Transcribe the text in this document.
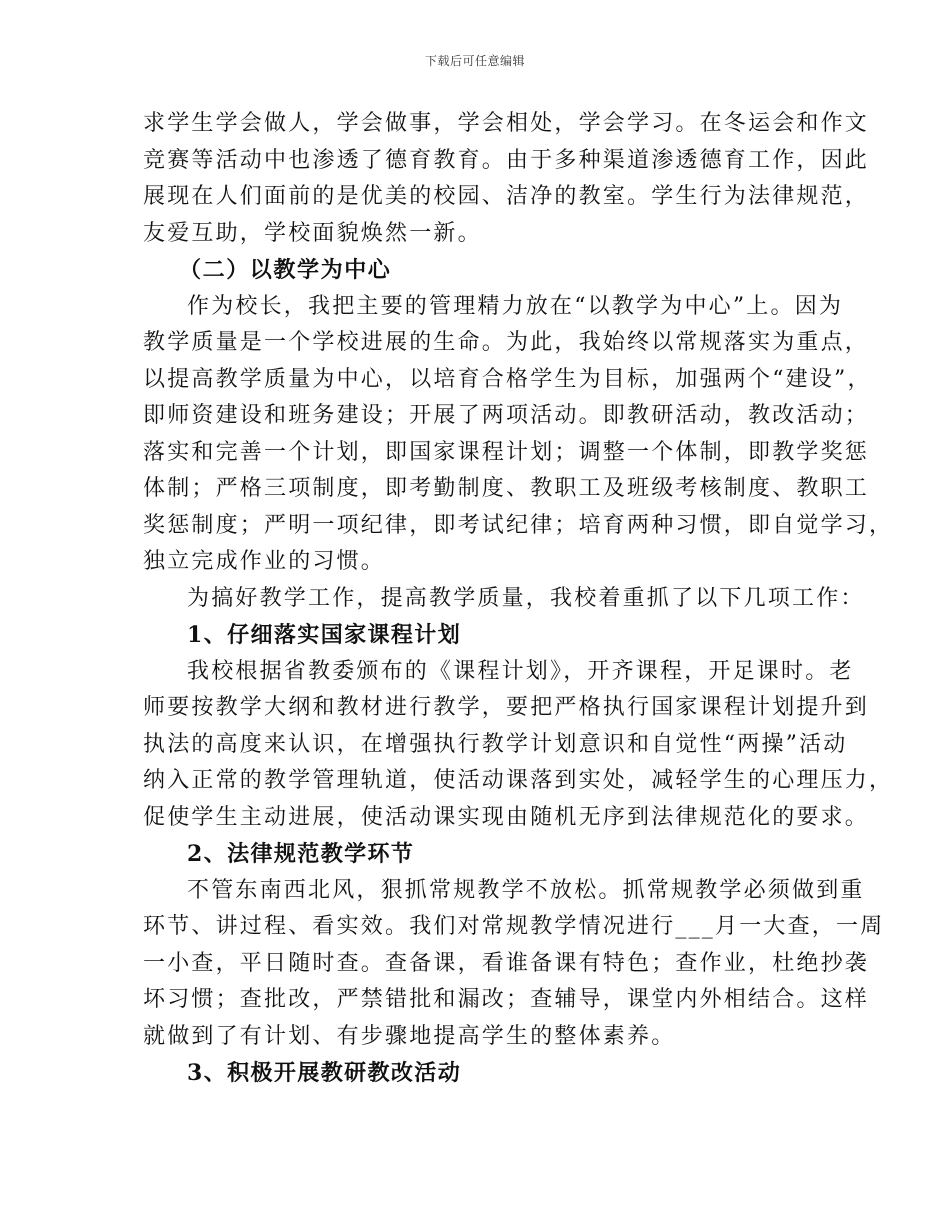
下载后可任意编辑
求学生学会做人，学会做事，学会相处，学会学习。在冬运会和作文
竞赛等活动中也渗透了德育教育。由于多种渠道渗透德育工作，因此
展现在人们面前的是优美的校园、洁净的教室。学生行为法律规范，
友爱互助，学校面貌焕然一新。
（二）以教学为中心
作为校长，我把主要的管理精力放在“以教学为中心”上。因为
教学质量是一个学校进展的生命。为此，我始终以常规落实为重点，
以提高教学质量为中心，以培育合格学生为目标，加强两个“建设”，
即师资建设和班务建设；开展了两项活动。即教研活动，教改活动；
落实和完善一个计划，即国家课程计划；调整一个体制，即教学奖惩
体制；严格三项制度，即考勤制度、教职工及班级考核制度、教职工
奖惩制度；严明一项纪律，即考试纪律；培育两种习惯，即自觉学习，
独立完成作业的习惯。
为搞好教学工作，提高教学质量，我校着重抓了以下几项工作：
1、仔细落实国家课程计划
我校根据省教委颁布的《课程计划》，开齐课程，开足课时。老
师要按教学大纲和教材进行教学，要把严格执行国家课程计划提升到
执法的高度来认识，在增强执行教学计划意识和自觉性“两操”活动
纳入正常的教学管理轨道，使活动课落到实处，减轻学生的心理压力，
促使学生主动进展，使活动课实现由随机无序到法律规范化的要求。
2、法律规范教学环节
不管东南西北风，狠抓常规教学不放松。抓常规教学必须做到重
环节、讲过程、看实效。我们对常规教学情况进行___月一大查，一周
一小查，平日随时查。查备课，看谁备课有特色；查作业，杜绝抄袭
坏习惯；查批改，严禁错批和漏改；查辅导，课堂内外相结合。这样
就做到了有计划、有步骤地提高学生的整体素养。
3、积极开展教研教改活动
